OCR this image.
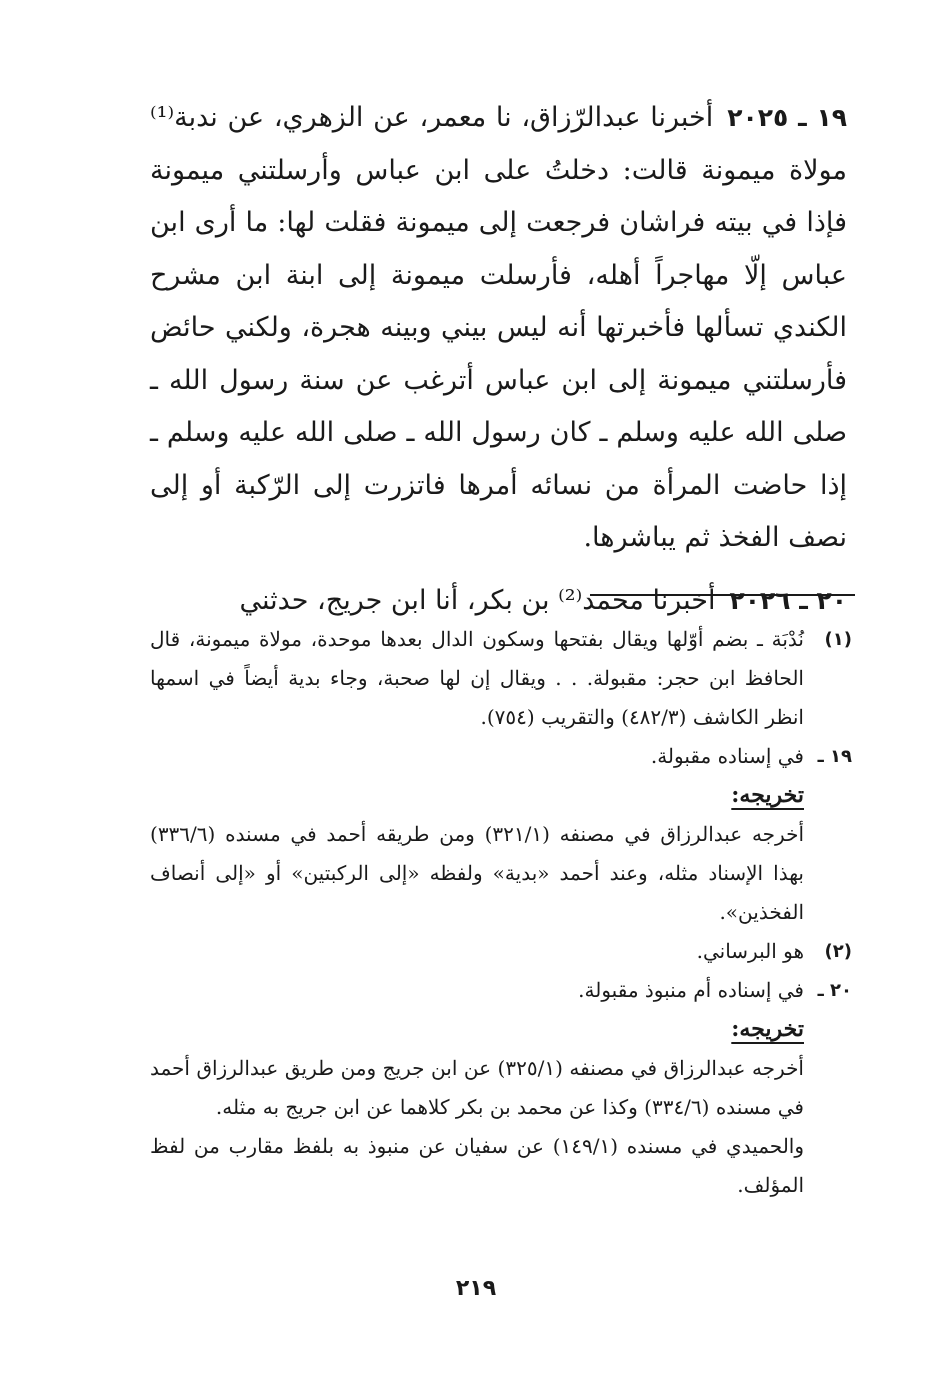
١٩ ـ ٢٠٢٥أخبرنا عبدالرّزاق، نا معمر، عن الزهري، عن ندبة⁽¹⁾ مولاة ميمونة قالت: دخلتُ على ابن عباس وأرسلتني ميمونة فإذا في بيته فراشان فرجعت إلى ميمونة فقلت لها: ما أرى ابن عباس إلّا مهاجراً أهله، فأرسلت ميمونة إلى ابنة ابن مشرح الكندي تسألها فأخبرتها أنه ليس بيني وبينه هجرة، ولكني حائض فأرسلتني ميمونة إلى ابن عباس أترغب عن سنة رسول الله ـ صلى الله عليه وسلم ـ كان رسول الله ـ صلى الله عليه وسلم ـ إذا حاضت المرأة من نسائه أمرها فاتزرت إلى الرّكبة أو إلى نصف الفخذ ثم يباشرها.

٢٠ ـ ٢٠٢٦أخبرنا محمد⁽²⁾ بن بكر، أنا ابن جريج، حدثني

(١)
نُدْبَة ـ بضم أوّلها ويقال بفتحها وسكون الدال بعدها موحدة، مولاة ميمونة، قال الحافظ ابن حجر: مقبولة. . . ويقال إن لها صحبة، وجاء بدية أيضاً في اسمها انظر الكاشف (٤٨٢/٣) والتقريب (٧٥٤).
١٩ ـ
في إسناده مقبولة.
تخريجه:
أخرجه عبدالرزاق في مصنفه (٣٢١/١) ومن طريقه أحمد في مسنده (٣٣٦/٦) بهذا الإسناد مثله، وعند أحمد «بدية» ولفظه «إلى الركبتين» أو «إلى أنصاف الفخذين».
(٢)
هو البرساني.
٢٠ ـ
في إسناده أم منبوذ مقبولة.
تخريجه:
أخرجه عبدالرزاق في مصنفه (٣٢٥/١) عن ابن جريج ومن طريق عبدالرزاق أحمد في مسنده (٣٣٤/٦) وكذا عن محمد بن بكر كلاهما عن ابن جريج به مثله.
والحميدي في مسنده (١٤٩/١) عن سفيان عن منبوذ به بلفظ مقارب من لفظ المؤلف.
٢١٩
